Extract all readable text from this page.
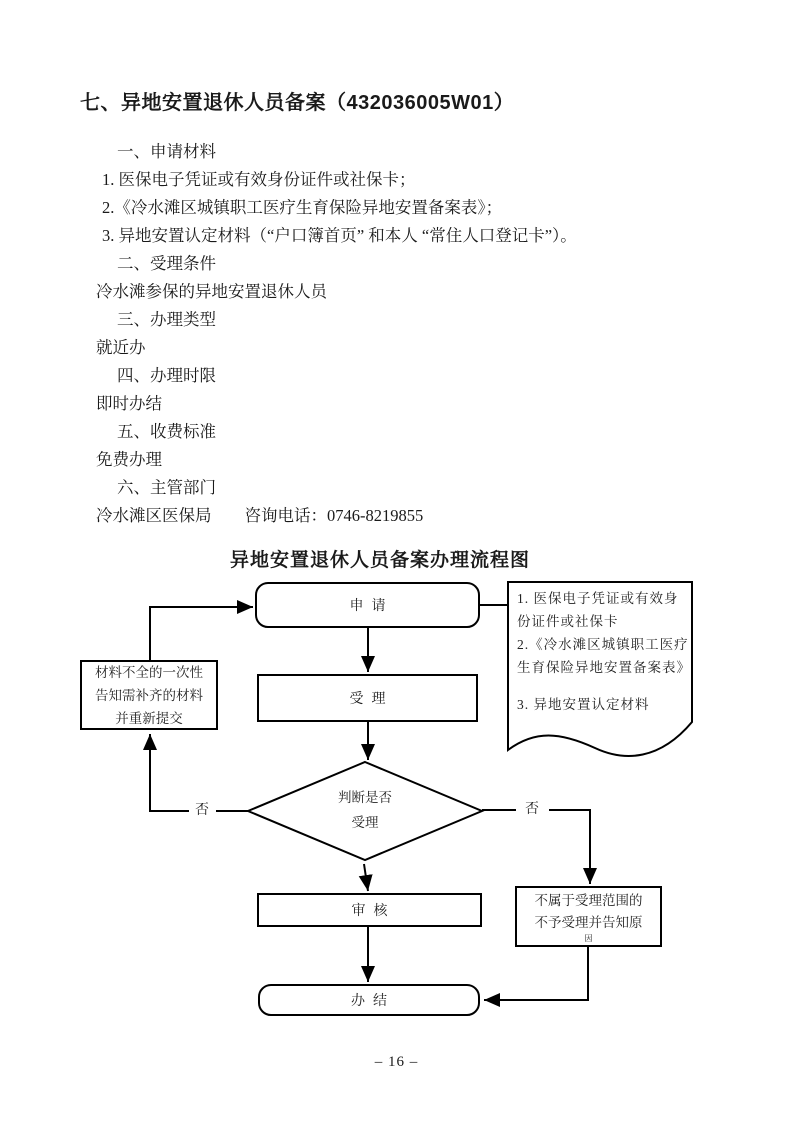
七、异地安置退休人员备案（432036005W01）
一、申请材料
1. 医保电子凭证或有效身份证件或社保卡；
2.《冷水滩区城镇职工医疗生育保险异地安置备案表》；
3. 异地安置认定材料（“户口簿首页” 和本人 “常住人口登记卡”）。
二、受理条件
冷水滩参保的异地安置退休人员
三、办理类型
就近办
四、办理时限
即时办结
五、收费标准
免费办理
六、主管部门
冷水滩区医保局　　咨询电话：0746-8219855
异地安置退休人员备案办理流程图
申请
受理
判断是否
受理
审核
办结
材料不全的一次性
告知需补齐的材料
并重新提交
不属于受理范围的
不予受理并告知原
因
1. 医保电子凭证或有效身
份证件或社保卡
2.《冷水滩区城镇职工医疗
生育保险异地安置备案表》
3. 异地安置认定材料
否	否
– 16 –
